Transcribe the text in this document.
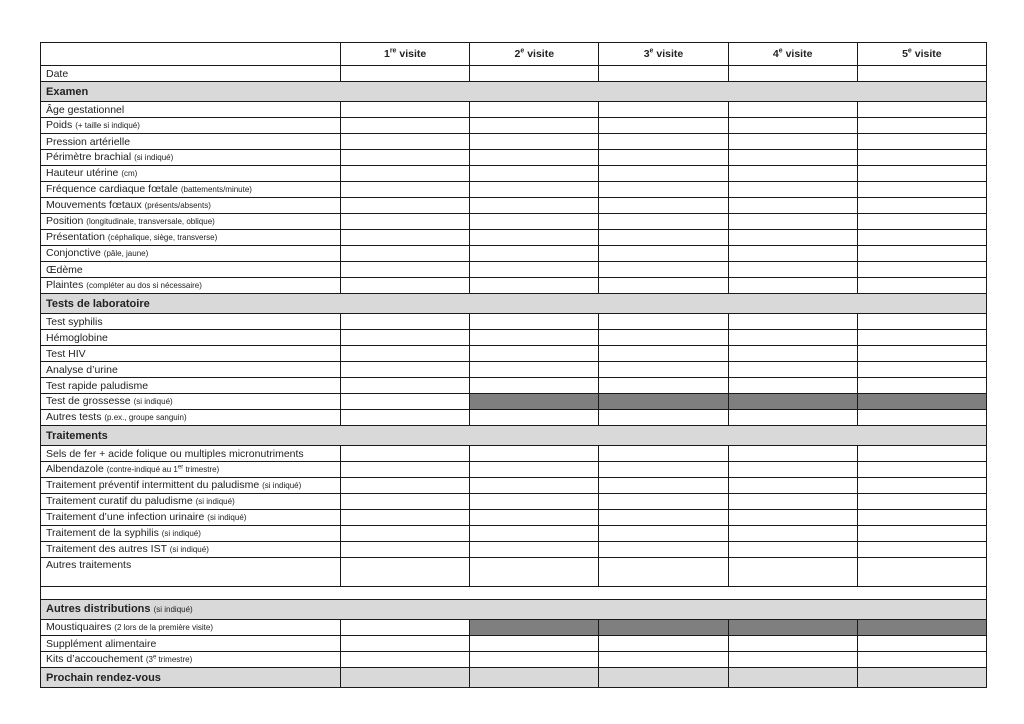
	1re visite	2e visite	3e visite	4e visite	5e visite
Date					
Examen					
Âge gestationnel					
Poids (+ taille si indiqué)					
Pression artérielle					
Périmètre brachial (si indiqué)					
Hauteur utérine (cm)					
Fréquence cardiaque fœtale (battements/minute)					
Mouvements fœtaux (présents/absents)					
Position (longitudinale, transversale, oblique)					
Présentation (céphalique, siège, transverse)					
Conjonctive (pâle, jaune)					
Œdème					
Plaintes (compléter au dos si nécessaire)					
Tests de laboratoire					
Test syphilis					
Hémoglobine					
Test HIV					
Analyse d’urine					
Test rapide paludisme					
Test de grossesse (si indiqué)					
Autres tests (p.ex., groupe sanguin)					
Traitements					
Sels de fer + acide folique ou multiples micronutriments					
Albendazole (contre-indiqué au 1er trimestre)					
Traitement préventif intermittent du paludisme (si indiqué)					
Traitement curatif du paludisme (si indiqué)					
Traitement d’une infection urinaire (si indiqué)					
Traitement de la syphilis (si indiqué)					
Traitement des autres IST (si indiqué)					
Autres traitements					

Autres distributions (si indiqué)					
Moustiquaires (2 lors de la première visite)					
Supplément alimentaire					
Kits d’accouchement (3e trimestre)					
Prochain rendez-vous					
